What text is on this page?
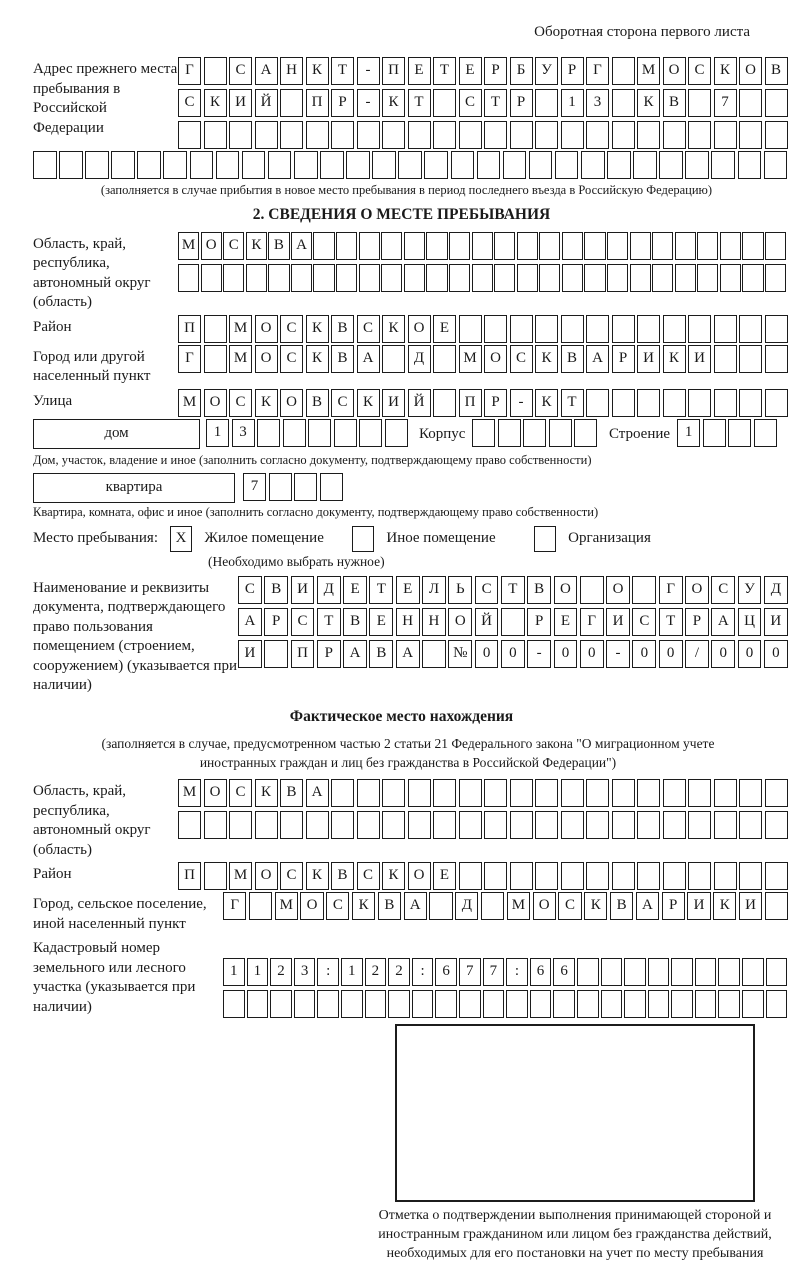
Оборотная сторона первого листа
Адрес прежнего места пребывания в Российской Федерации
Г	С А Н К Т - П Е Т Е Р Б У Р Г	М О С К О В
С К И Й	П Р - К Т	С Т Р	1 3	К В	7
(заполняется в случае прибытия в новое место пребывания в период последнего въезда в Российскую Федерацию)
2. СВЕДЕНИЯ О МЕСТЕ ПРЕБЫВАНИЯ
Область, край, республика, автономный округ (область)
М О С К В А
Район	П	М О С К В С К О Е
Город или другой населенный пункт
Г	М О С К В А	Д	М О С К В А Р И К И
Улица	М О С К О В С К И Й	П Р - К Т
дом	1 3	Корпус	Строение 1
Дом, участок, владение и иное (заполнить согласно документу, подтверждающему право собственности)
квартира	7
Квартира, комната, офис и иное (заполнить согласно документу, подтверждающему право собственности)
Место пребывания:	X	Жилое помещение	Иное помещение	Организация
(Необходимо выбрать нужное)
Наименование и реквизиты документа, подтверждающего право пользования помещением (строением, сооружением) (указывается при наличии)
С В И Д Е Т Е Л Ь С Т В О	О	Г О С У Д
А Р С Т В Е Н Н О Й	Р Е Г И С Т Р А Ц И
И	П Р А В А	№ 0 0 - 0 0 - 0 0 / 0 0 0
Фактическое место нахождения
(заполняется в случае, предусмотренном частью 2 статьи 21 Федерального закона "О миграционном учете иностранных граждан и лиц без гражданства в Российской Федерации")
Область, край, республика, автономный округ (область)
М О С К В А
Район	П	М О С К В С К О Е
Город, сельское поселение, иной населенный пункт
Г	М О С К В А	Д	М О С К В А Р И К И
Кадастровый номер земельного или лесного участка (указывается при наличии)
1 1 2 3 : 1 2 2 : 6 7 7 : 6 6
Отметка о подтверждении выполнения принимающей стороной и иностранным гражданином или лицом без гражданства действий, необходимых для его постановки на учет по месту пребывания
